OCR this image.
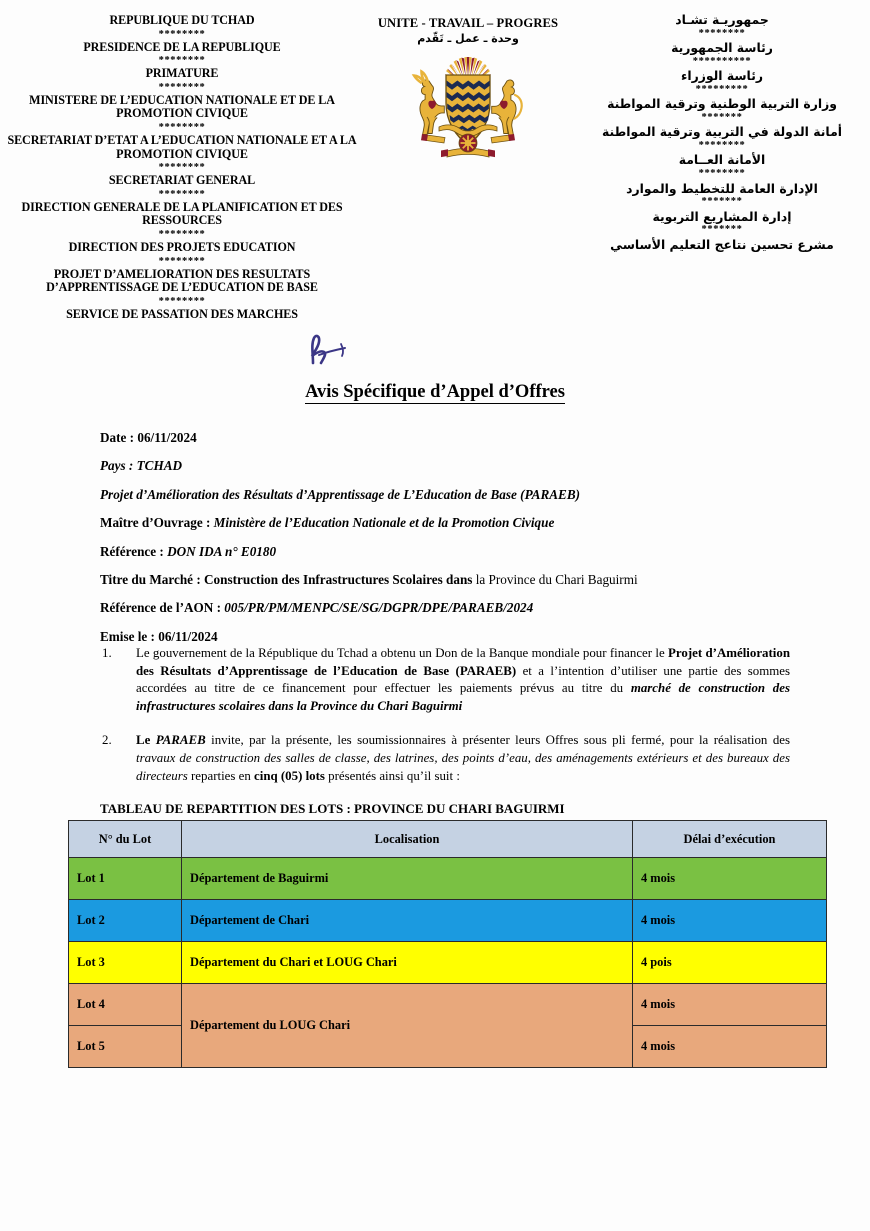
REPUBLIQUE DU TCHAD
********
PRESIDENCE DE LA REPUBLIQUE
********
PRIMATURE
********
MINISTERE DE L’EDUCATION NATIONALE ET DE LA PROMOTION CIVIQUE
********
SECRETARIAT D’ETAT A L’EDUCATION NATIONALE ET A LA PROMOTION CIVIQUE
********
SECRETARIAT GENERAL
********
DIRECTION GENERALE DE LA PLANIFICATION ET DES RESSOURCES
********
DIRECTION DES PROJETS EDUCATION
********
PROJET D’AMELIORATION DES RESULTATS D’APPRENTISSAGE DE L’EDUCATION DE BASE
********
SERVICE DE PASSATION DES MARCHES
UNITE - TRAVAIL – PROGRES
وحدة ـ عمل ـ تَقّدم
جمهوريـة تشـاد
********
رئاسة الجمهورية
**********
رئاسة الوزراء
*********
وزارة التربية الوطنية وترقية المواطنة
*******
أمانة الدولة في التربية وترقية المواطنة
********
الأمانة العــامة
********
الإدارة العامة للتخطيط والموارد
*******
إدارة المشاريع التربوية
*******
مشرع تحسين نتاعج التعليم الأساسي
Avis Spécifique d’Appel d’Offres
Date : 06/11/2024
Pays : TCHAD
Projet d’Amélioration des Résultats d’Apprentissage de L’Education de Base (PARAEB)
Maître d’Ouvrage : Ministère de l’Education Nationale et de la Promotion Civique
Référence : DON IDA n° E0180
Titre du Marché : Construction des Infrastructures Scolaires dans la Province du Chari Baguirmi
Référence de l’AON : 005/PR/PM/MENPC/SE/SG/DGPR/DPE/PARAEB/2024
Emise le : 06/11/2024
1. Le gouvernement de la République du Tchad a obtenu un Don de la Banque mondiale pour financer le Projet d’Amélioration des Résultats d’Apprentissage de l’Education de Base (PARAEB) et a l’intention d’utiliser une partie des sommes accordées au titre de ce financement pour effectuer les paiements prévus au titre du marché de construction des infrastructures scolaires dans la Province du Chari Baguirmi
2. Le PARAEB invite, par la présente, les soumissionnaires à présenter leurs Offres sous pli fermé, pour la réalisation des travaux de construction des salles de classe, des latrines, des points d’eau, des aménagements extérieurs et des bureaux des directeurs reparties en cinq (05) lots présentés ainsi qu’il suit :
TABLEAU DE REPARTITION DES LOTS : PROVINCE DU CHARI BAGUIRMI
N° du Lot	Localisation	Délai d’exécution
Lot 1	Département de Baguirmi	4 mois
Lot 2	Département de Chari	4 mois
Lot 3	Département du Chari et LOUG Chari	4 pois
Lot 4	Département du LOUG Chari	4 mois
Lot 5		4 mois
